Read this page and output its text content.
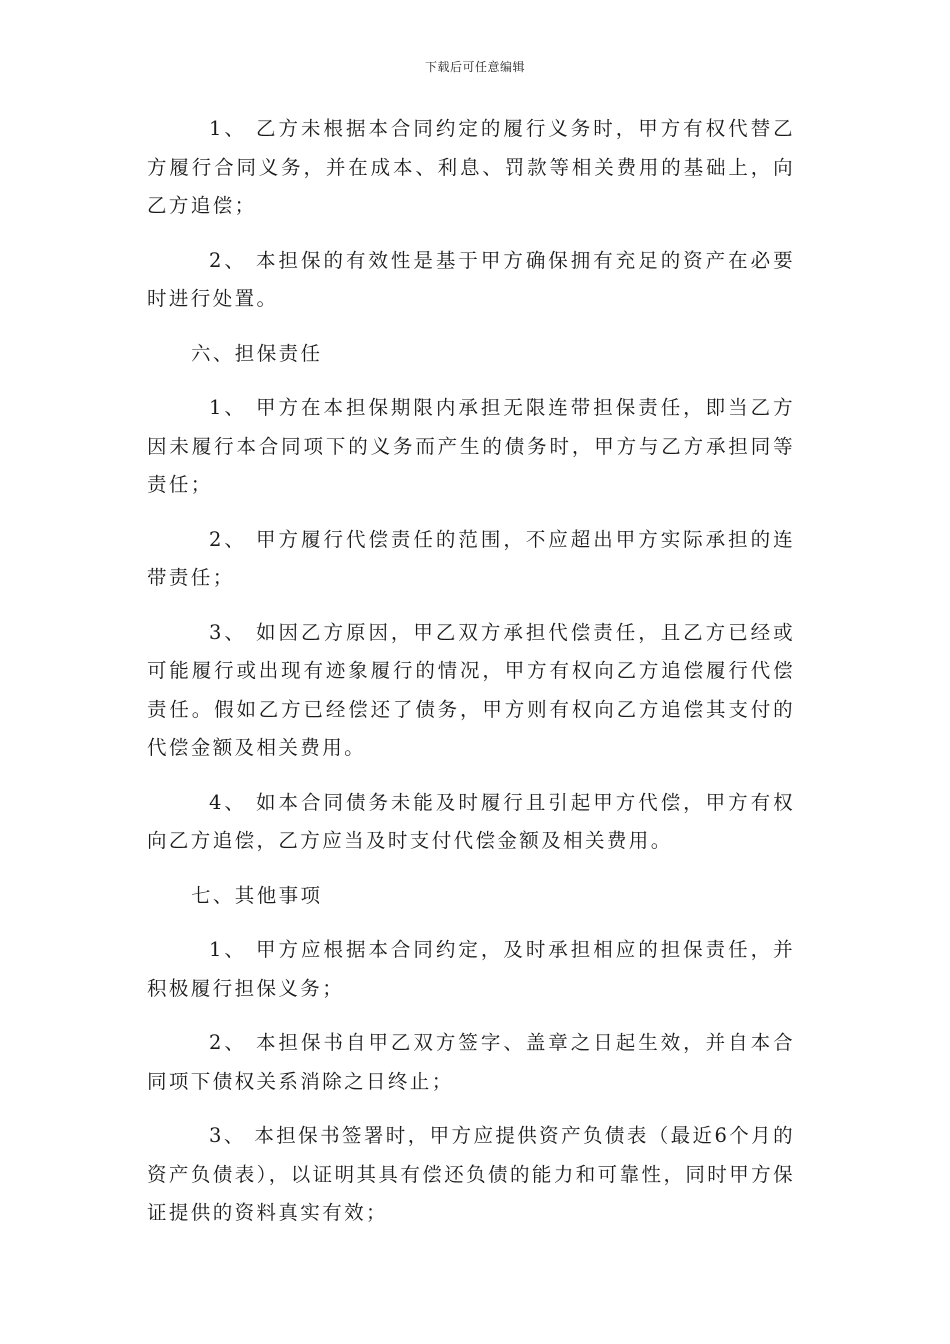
下载后可任意编辑

1、 乙方未根据本合同约定的履行义务时，甲方有权代替乙方履行合同义务，并在成本、利息、罚款等相关费用的基础上，向乙方追偿；

2、 本担保的有效性是基于甲方确保拥有充足的资产在必要时进行处置。

六、担保责任

1、 甲方在本担保期限内承担无限连带担保责任，即当乙方因未履行本合同项下的义务而产生的债务时，甲方与乙方承担同等责任；

2、 甲方履行代偿责任的范围，不应超出甲方实际承担的连带责任；

3、 如因乙方原因，甲乙双方承担代偿责任，且乙方已经或可能履行或出现有迹象履行的情况，甲方有权向乙方追偿履行代偿责任。假如乙方已经偿还了债务，甲方则有权向乙方追偿其支付的代偿金额及相关费用。

4、 如本合同债务未能及时履行且引起甲方代偿，甲方有权向乙方追偿，乙方应当及时支付代偿金额及相关费用。

七、其他事项

1、 甲方应根据本合同约定，及时承担相应的担保责任，并积极履行担保义务；

2、 本担保书自甲乙双方签字、盖章之日起生效，并自本合同项下债权关系消除之日终止；

3、 本担保书签署时，甲方应提供资产负债表（最近6个月的资产负债表），以证明其具有偿还负债的能力和可靠性，同时甲方保证提供的资料真实有效；
